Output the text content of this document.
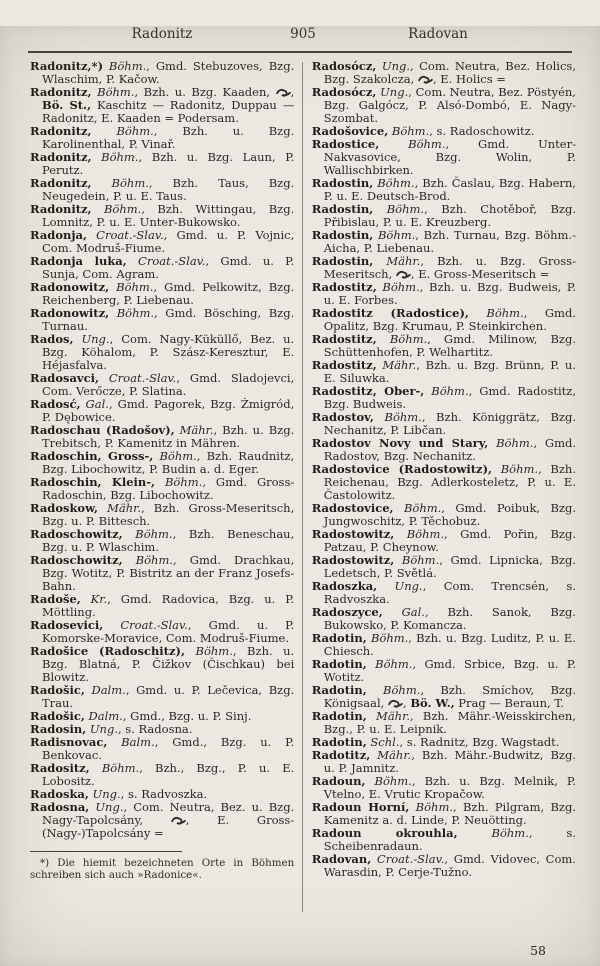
Radonitz	905	Radovan

Radonitz,*) Böhm., Gmd. Stebuzoves, Bzg. Wlaschim, P. Kačow.

Radonitz, Böhm., Bzh. u. Bzg. Kaaden, , Bö. St., Kaschitz — Radonitz, Duppau — Radonitz, E. Kaaden = Podersam.

Radonitz, Böhm., Bzh. u. Bzg. Karolinenthal, P. Vinař.

Radonitz, Böhm., Bzh. u. Bzg. Laun, P. Perutz.

Radonitz, Böhm., Bzh. Taus, Bzg. Neugedein, P. u. E. Taus.

Radonitz, Böhm., Bzh. Wittingau, Bzg. Lomnitz, P. u. E. Unter-Bukowsko.

Radonja, Croat.-Slav., Gmd. u. P. Vojnic, Com. Modruš-Fiume.

Radonja luka, Croat.-Slav., Gmd. u. P. Sunja, Com. Agram.

Radonowitz, Böhm., Gmd. Pelkowitz, Bzg. Reichenberg, P. Liebenau.

Radonowitz, Böhm., Gmd. Bösching, Bzg. Turnau.

Rados, Ung., Com. Nagy-Küküllő, Bez. u. Bzg. Köhalom, P. Szász-Keresztur, E. Héjasfalva.

Radosavci, Croat.-Slav., Gmd. Sladojevci, Com. Verőcze, P. Slatina.

Radosć, Gal., Gmd. Pagorek, Bzg. Żmigród, P. Dębowice.

Radoschau (Radošov), Mähr., Bzh. u. Bzg. Trebitsch, P. Kamenitz in Mähren.

Radoschin, Gross-, Böhm., Bzh. Raudnitz, Bzg. Libochowitz, P. Budin a. d. Eger.

Radoschin, Klein-, Böhm., Gmd. Gross-Radoschin, Bzg. Libochowitz.

Radoskow, Mähr., Bzh. Gross-Meseritsch, Bzg. u. P. Bittesch.

Radoschowitz, Böhm., Bzh. Beneschau, Bzg. u. P. Wlaschim.

Radoschowitz, Böhm., Gmd. Drachkau, Bzg. Wotitz, P. Bistritz an der Franz Josefs-Bahn.

Radoše, Kr., Gmd. Radovica, Bzg. u. P. Möttling.

Radosevici, Croat.-Slav., Gmd. u. P. Komorske-Moravice, Com. Modruš-Fiume.

Radošice (Radoschitz), Böhm., Bzh. u. Bzg. Blatná, P. Čižkov (Čischkau) bei Blowitz.

Radošic, Dalm., Gmd. u. P. Lečevica, Bzg. Trau.

Radošic, Dalm., Gmd., Bzg. u. P. Sinj.

Radosin, Ung., s. Radosna.

Radisnovac, Balm., Gmd., Bzg. u. P. Benkovac.

Radositz, Böhm., Bzh., Bzg., P. u. E. Lobositz.

Radoska, Ung., s. Radvoszka.

Radosna, Ung., Com. Neutra, Bez. u. Bzg. Nagy-Tapolcsány, , E. Gross-(Nagy-)Tapolcsány =

*) Die hiemit bezeichneten Orte in Böhmen schreiben sich auch »Radonice«.

Radosócz, Ung., Com. Neutra, Bez. Holics, Bzg. Szakolcza, , E. Holics =

Radosócz, Ung., Com. Neutra, Bez. Pöstyén, Bzg. Galgócz, P. Alsó-Dombó, E. Nagy-Szombat.

Radošovice, Böhm., s. Radoschowitz.

Radostice, Böhm., Gmd. Unter-Nakvasovice, Bzg. Wolin, P. Wallischbirken.

Radostin, Böhm., Bzh. Časlau, Bzg. Habern, P. u. E. Deutsch-Brod.

Radostin, Böhm., Bzh. Chotěboř, Bzg. Přibislau, P. u. E. Kreuzberg.

Radostin, Böhm., Bzh. Turnau, Bzg. Böhm.-Aicha, P. Liebenau.

Radostin, Mähr., Bzh. u. Bzg. Gross-Meseritsch, , E. Gross-Meseritsch =

Radostitz, Böhm., Bzh. u. Bzg. Budweis, P. u. E. Forbes.

Radostitz (Radostice), Böhm., Gmd. Opalitz, Bzg. Krumau, P. Steinkirchen.

Radostitz, Böhm., Gmd. Milinow, Bzg. Schüttenhofen, P. Welhartitz.

Radostitz, Mähr., Bzh. u. Bzg. Brünn, P. u. E. Siluwka.

Radostitz, Ober-, Böhm., Gmd. Radostitz, Bzg. Budweis.

Radostov, Böhm., Bzh. Königgrätz, Bzg. Nechanitz, P. Libčan.

Radostov Novy und Stary, Böhm., Gmd. Radostov, Bzg. Nechanitz.

Radostovice (Radostowitz), Böhm., Bzh. Reichenau, Bzg. Adlerkosteletz, P. u. E. Častolowitz.

Radostovice, Böhm., Gmd. Poibuk, Bzg. Jungwoschitz, P. Těchobuz.

Radostowitz, Böhm., Gmd. Pořin, Bzg. Patzau, P. Cheynow.

Radostowitz, Böhm., Gmd. Lipnicka, Bzg. Ledetsch, P. Světlá.

Radoszka, Ung., Com. Trencsén, s. Radvoszka.

Radoszyce, Gal., Bzh. Sanok, Bzg. Bukowsko, P. Komancza.

Radotin, Böhm., Bzh. u. Bzg. Luditz, P. u. E. Chiesch.

Radotin, Böhm., Gmd. Srbice, Bzg. u. P. Wotitz.

Radotin, Böhm., Bzh. Smíchov, Bzg. Königsaal, , Bö. W., Prag — Beraun, T.

Radotin, Mähr., Bzh. Mähr.-Weisskirchen, Bzg., P. u. E. Leipnik.

Radotin, Schl., s. Radnitz, Bzg. Wagstadt.

Radotitz, Mähr., Bzh. Mähr.-Budwitz, Bzg. u. P. Jamnitz.

Radoun, Böhm., Bzh. u. Bzg. Melnik, P. Vtelno, E. Vrutic Kropačow.

Radoun Horní, Böhm., Bzh. Pilgram, Bzg. Kamenitz a. d. Linde, P. Neuötting.

Radoun okrouhla, Böhm., s. Scheibenradaun.

Radovan, Croat.-Slav., Gmd. Vidovec, Com. Warasdin, P. Cerje-Tužno.

58
